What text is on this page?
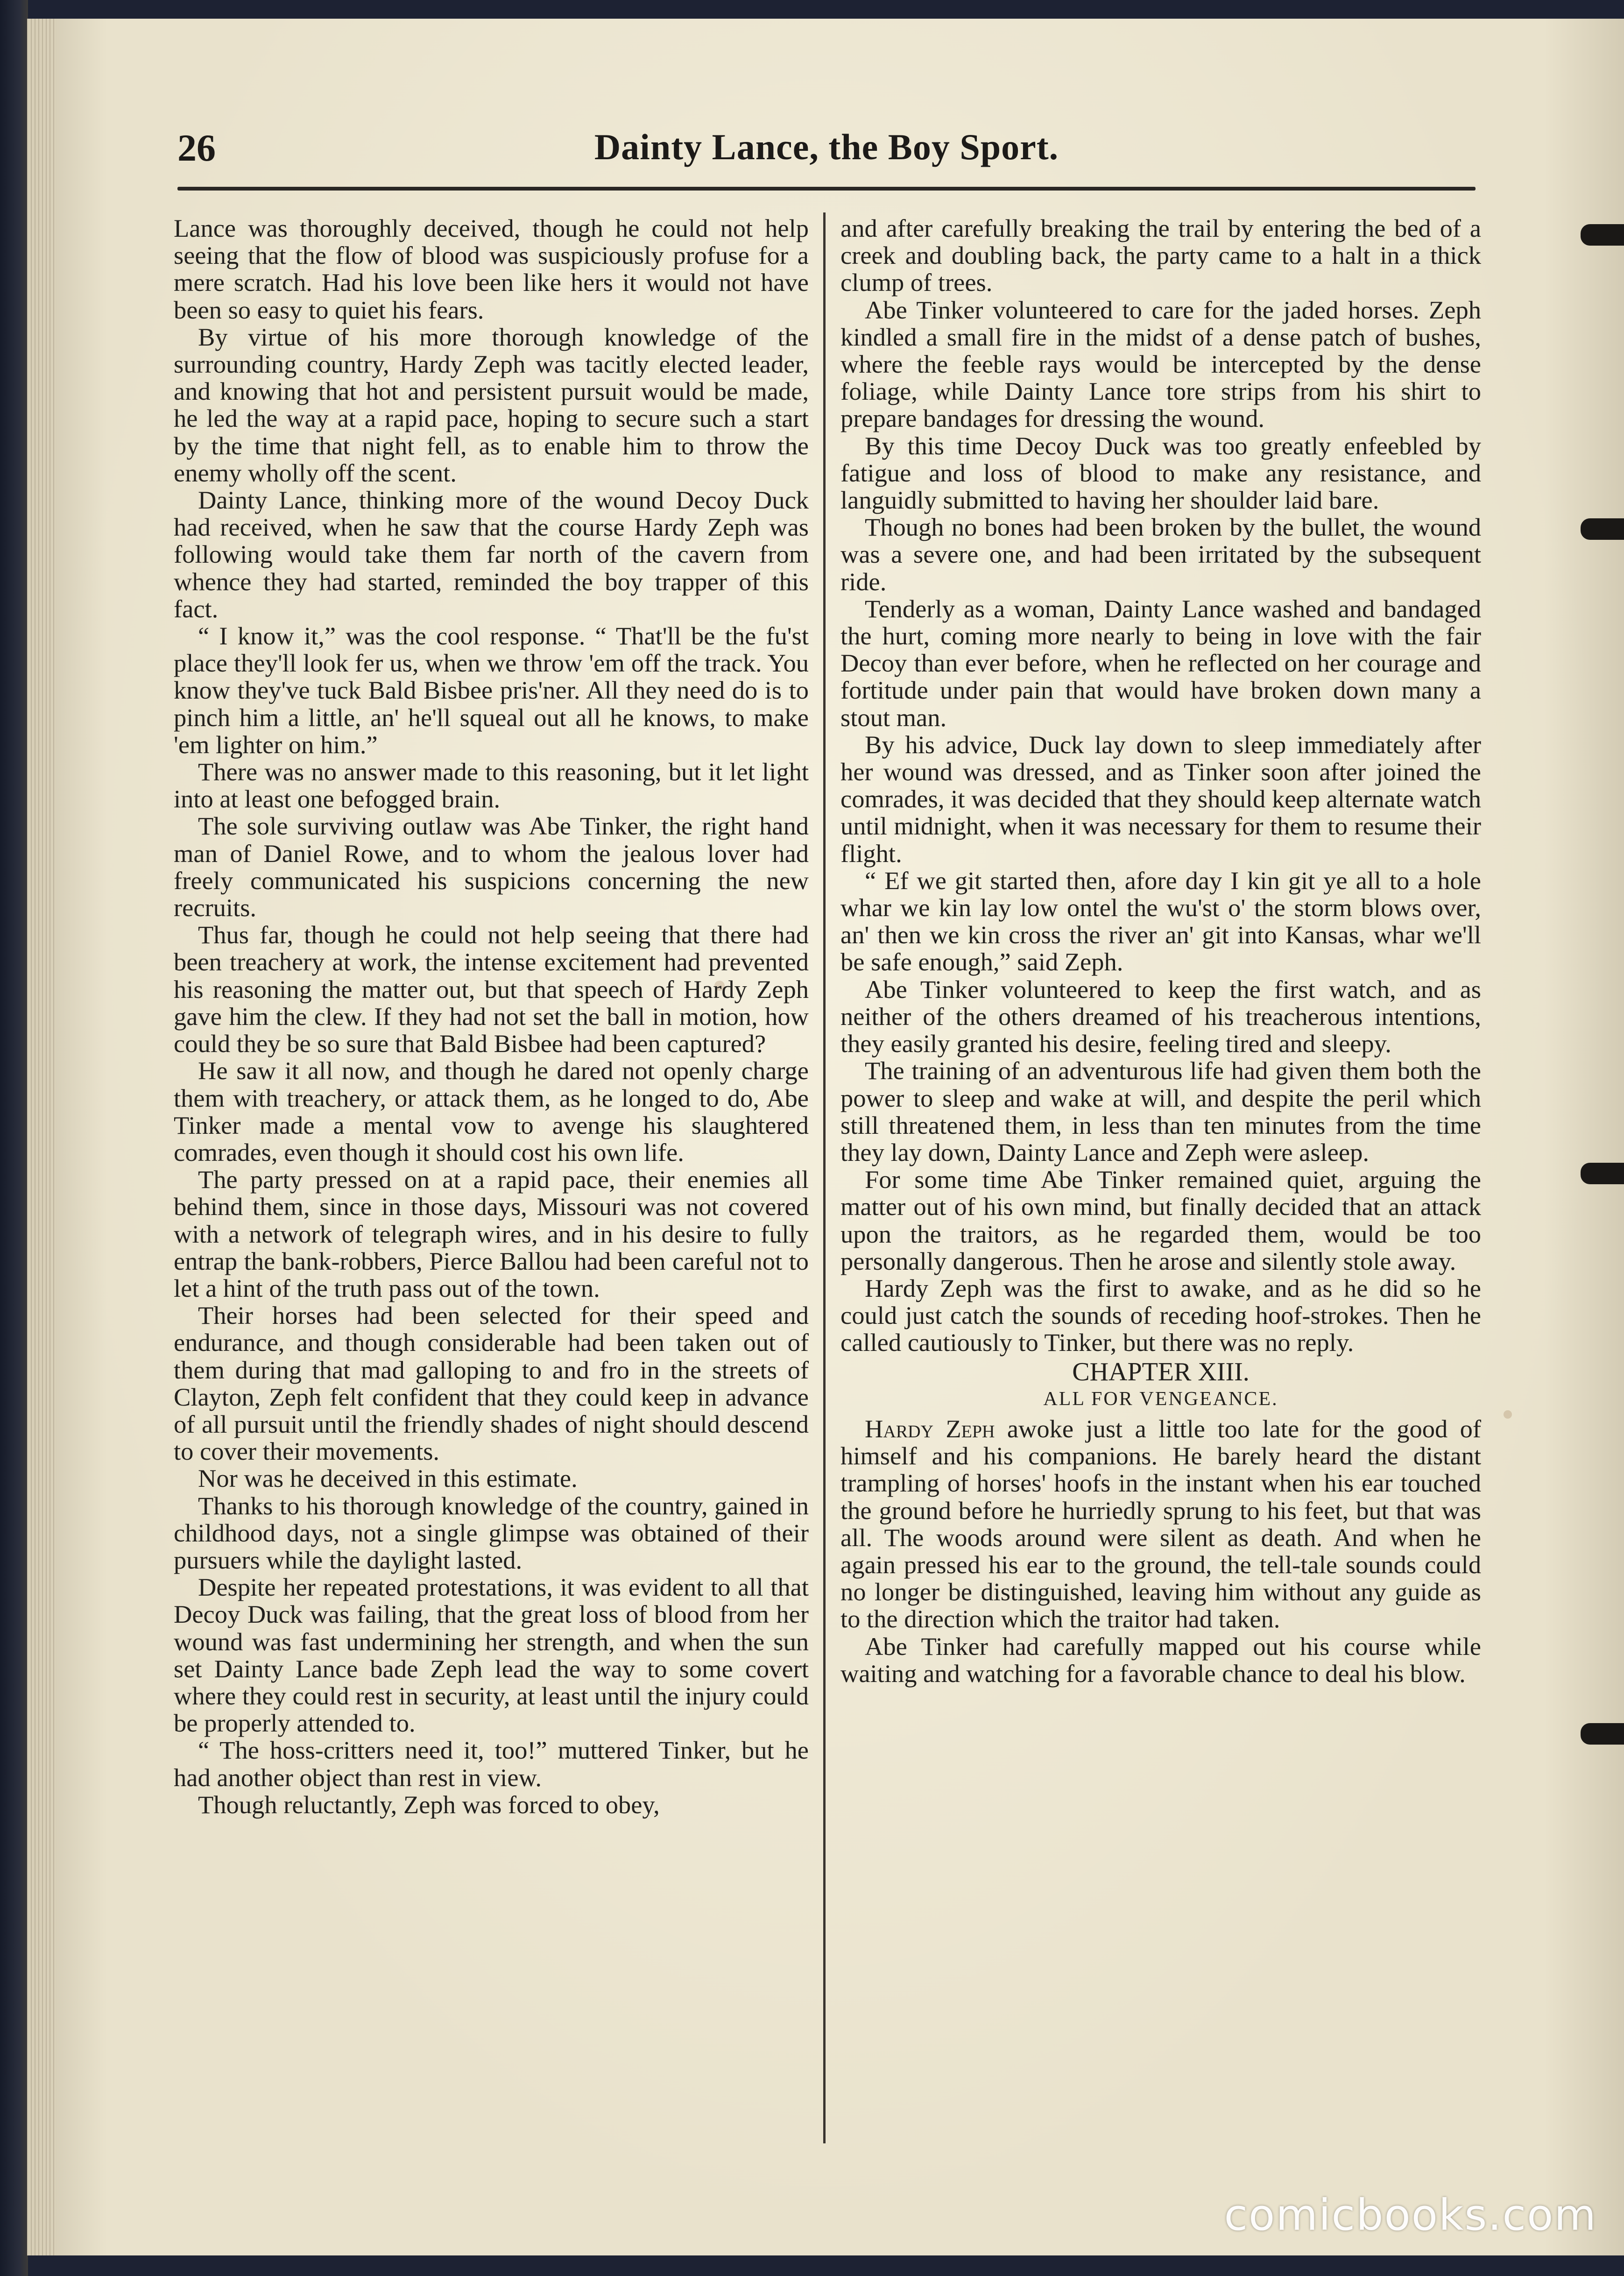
26	Dainty Lance, the Boy Sport.

Lance was thoroughly deceived, though he could not help seeing that the flow of blood was suspiciously profuse for a mere scratch. Had his love been like hers it would not have been so easy to quiet his fears.

By virtue of his more thorough knowledge of the surrounding country, Hardy Zeph was tacitly elected leader, and knowing that hot and persistent pursuit would be made, he led the way at a rapid pace, hoping to secure such a start by the time that night fell, as to enable him to throw the enemy wholly off the scent.

Dainty Lance, thinking more of the wound Decoy Duck had received, when he saw that the course Hardy Zeph was following would take them far north of the cavern from whence they had started, reminded the boy trapper of this fact.

“ I know it,” was the cool response. “ That'll be the fu'st place they'll look fer us, when we throw 'em off the track. You know they've tuck Bald Bisbee pris'ner. All they need do is to pinch him a little, an' he'll squeal out all he knows, to make 'em lighter on him.”

There was no answer made to this reasoning, but it let light into at least one befogged brain.

The sole surviving outlaw was Abe Tinker, the right hand man of Daniel Rowe, and to whom the jealous lover had freely communicated his suspicions concerning the new recruits.

Thus far, though he could not help seeing that there had been treachery at work, the intense excitement had prevented his reasoning the matter out, but that speech of Hardy Zeph gave him the clew. If they had not set the ball in motion, how could they be so sure that Bald Bisbee had been captured?

He saw it all now, and though he dared not openly charge them with treachery, or attack them, as he longed to do, Abe Tinker made a mental vow to avenge his slaughtered comrades, even though it should cost his own life.

The party pressed on at a rapid pace, their enemies all behind them, since in those days, Missouri was not covered with a network of telegraph wires, and in his desire to fully entrap the bank-robbers, Pierce Ballou had been careful not to let a hint of the truth pass out of the town.

Their horses had been selected for their speed and endurance, and though considerable had been taken out of them during that mad galloping to and fro in the streets of Clayton, Zeph felt confident that they could keep in advance of all pursuit until the friendly shades of night should descend to cover their movements.

Nor was he deceived in this estimate.

Thanks to his thorough knowledge of the country, gained in childhood days, not a single glimpse was obtained of their pursuers while the daylight lasted.

Despite her repeated protestations, it was evident to all that Decoy Duck was failing, that the great loss of blood from her wound was fast undermining her strength, and when the sun set Dainty Lance bade Zeph lead the way to some covert where they could rest in security, at least until the injury could be properly attended to.

“ The hoss-critters need it, too!” muttered Tinker, but he had another object than rest in view.

Though reluctantly, Zeph was forced to obey,

and after carefully breaking the trail by entering the bed of a creek and doubling back, the party came to a halt in a thick clump of trees.

Abe Tinker volunteered to care for the jaded horses. Zeph kindled a small fire in the midst of a dense patch of bushes, where the feeble rays would be intercepted by the dense foliage, while Dainty Lance tore strips from his shirt to prepare bandages for dressing the wound.

By this time Decoy Duck was too greatly enfeebled by fatigue and loss of blood to make any resistance, and languidly submitted to having her shoulder laid bare.

Though no bones had been broken by the bullet, the wound was a severe one, and had been irritated by the subsequent ride.

Tenderly as a woman, Dainty Lance washed and bandaged the hurt, coming more nearly to being in love with the fair Decoy than ever before, when he reflected on her courage and fortitude under pain that would have broken down many a stout man.

By his advice, Duck lay down to sleep immediately after her wound was dressed, and as Tinker soon after joined the comrades, it was decided that they should keep alternate watch until midnight, when it was necessary for them to resume their flight.

“ Ef we git started then, afore day I kin git ye all to a hole whar we kin lay low ontel the wu'st o' the storm blows over, an' then we kin cross the river an' git into Kansas, whar we'll be safe enough,” said Zeph.

Abe Tinker volunteered to keep the first watch, and as neither of the others dreamed of his treacherous intentions, they easily granted his desire, feeling tired and sleepy.

The training of an adventurous life had given them both the power to sleep and wake at will, and despite the peril which still threatened them, in less than ten minutes from the time they lay down, Dainty Lance and Zeph were asleep.

For some time Abe Tinker remained quiet, arguing the matter out of his own mind, but finally decided that an attack upon the traitors, as he regarded them, would be too personally dangerous. Then he arose and silently stole away.

Hardy Zeph was the first to awake, and as he did so he could just catch the sounds of receding hoof-strokes. Then he called cautiously to Tinker, but there was no reply.

CHAPTER XIII.

ALL FOR VENGEANCE.

Hardy Zeph awoke just a little too late for the good of himself and his companions. He barely heard the distant trampling of horses' hoofs in the instant when his ear touched the ground before he hurriedly sprung to his feet, but that was all. The woods around were silent as death. And when he again pressed his ear to the ground, the tell-tale sounds could no longer be distinguished, leaving him without any guide as to the direction which the traitor had taken.

Abe Tinker had carefully mapped out his course while waiting and watching for a favorable chance to deal his blow.

comicbooks.com
